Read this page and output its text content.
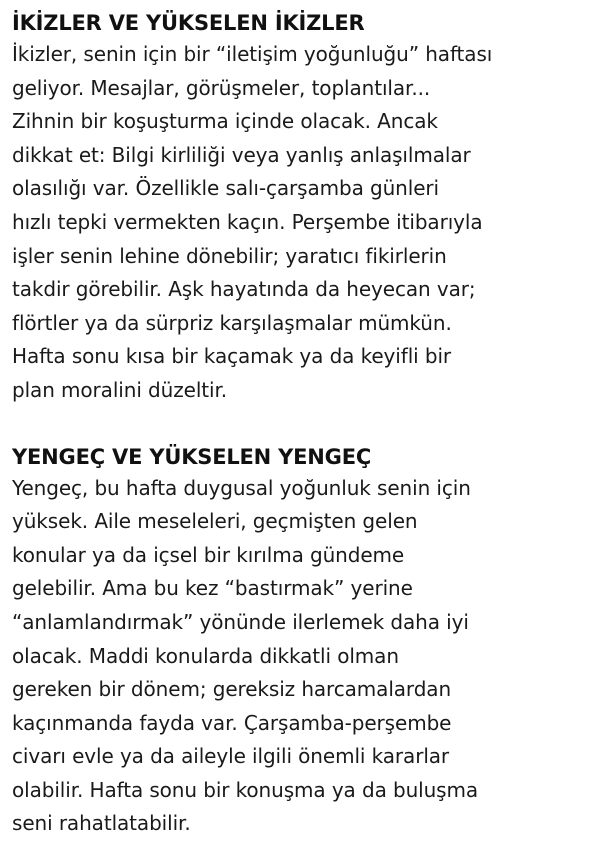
İKİZLER VE YÜKSELEN İKİZLER
İkizler, senin için bir “iletişim yoğunluğu” haftası
geliyor. Mesajlar, görüşmeler, toplantılar...
Zihnin bir koşuşturma içinde olacak. Ancak
dikkat et: Bilgi kirliliği veya yanlış anlaşılmalar
olasılığı var. Özellikle salı-çarşamba günleri
hızlı tepki vermekten kaçın. Perşembe itibarıyla
işler senin lehine dönebilir; yaratıcı fikirlerin
takdir görebilir. Aşk hayatında da heyecan var;
flörtler ya da sürpriz karşılaşmalar mümkün.
Hafta sonu kısa bir kaçamak ya da keyifli bir
plan moralini düzeltir.
YENGEÇ VE YÜKSELEN YENGEÇ
Yengeç, bu hafta duygusal yoğunluk senin için
yüksek. Aile meseleleri, geçmişten gelen
konular ya da içsel bir kırılma gündeme
gelebilir. Ama bu kez “bastırmak” yerine
“anlamlandırmak” yönünde ilerlemek daha iyi
olacak. Maddi konularda dikkatli olman
gereken bir dönem; gereksiz harcamalardan
kaçınmanda fayda var. Çarşamba-perşembe
civarı evle ya da aileyle ilgili önemli kararlar
olabilir. Hafta sonu bir konuşma ya da buluşma
seni rahatlatabilir.
